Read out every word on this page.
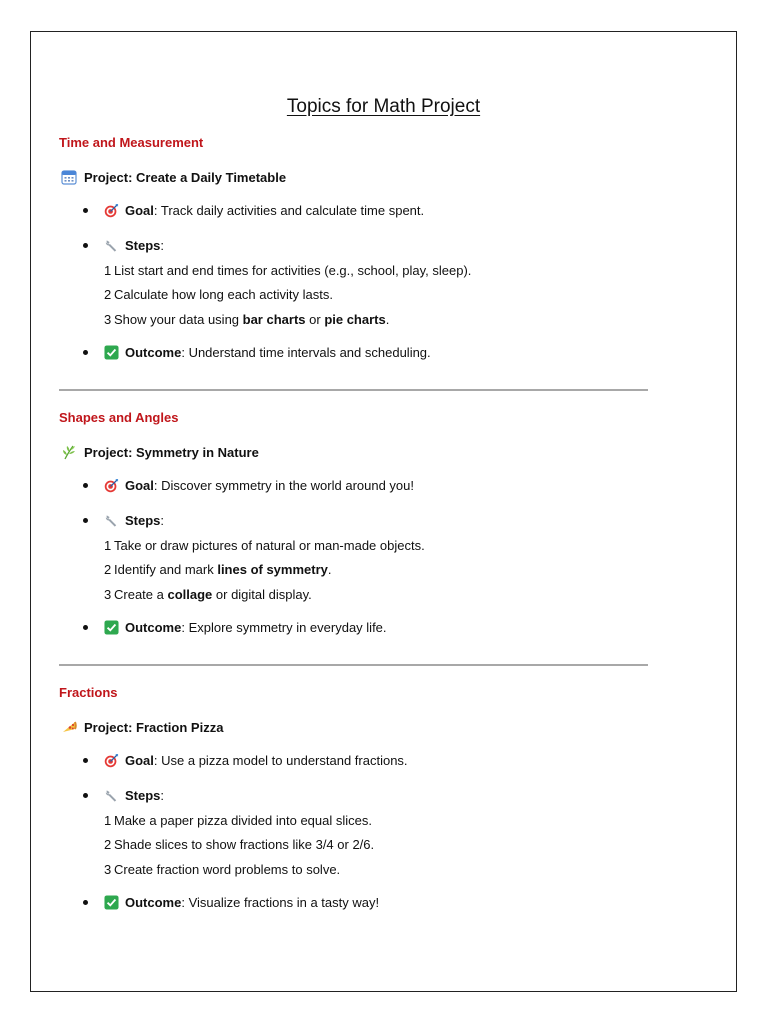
Topics for Math Project
Time and Measurement
Project: Create a Daily Timetable
Goal : Track daily activities and calculate time spent.
Steps :
1 List start and end times for activities (e.g., school, play, sleep).
2 Calculate how long each activity lasts.
3 Show your data using bar charts or pie charts.
Outcome : Understand time intervals and scheduling.
Shapes and Angles
Project: Symmetry in Nature
Goal : Discover symmetry in the world around you!
Steps :
1 Take or draw pictures of natural or man-made objects.
2 Identify and mark lines of symmetry.
3 Create a collage or digital display.
Outcome : Explore symmetry in everyday life.
Fractions
Project: Fraction Pizza
Goal : Use a pizza model to understand fractions.
Steps :
1 Make a paper pizza divided into equal slices.
2 Shade slices to show fractions like 3/4 or 2/6.
3 Create fraction word problems to solve.
Outcome : Visualize fractions in a tasty way!
